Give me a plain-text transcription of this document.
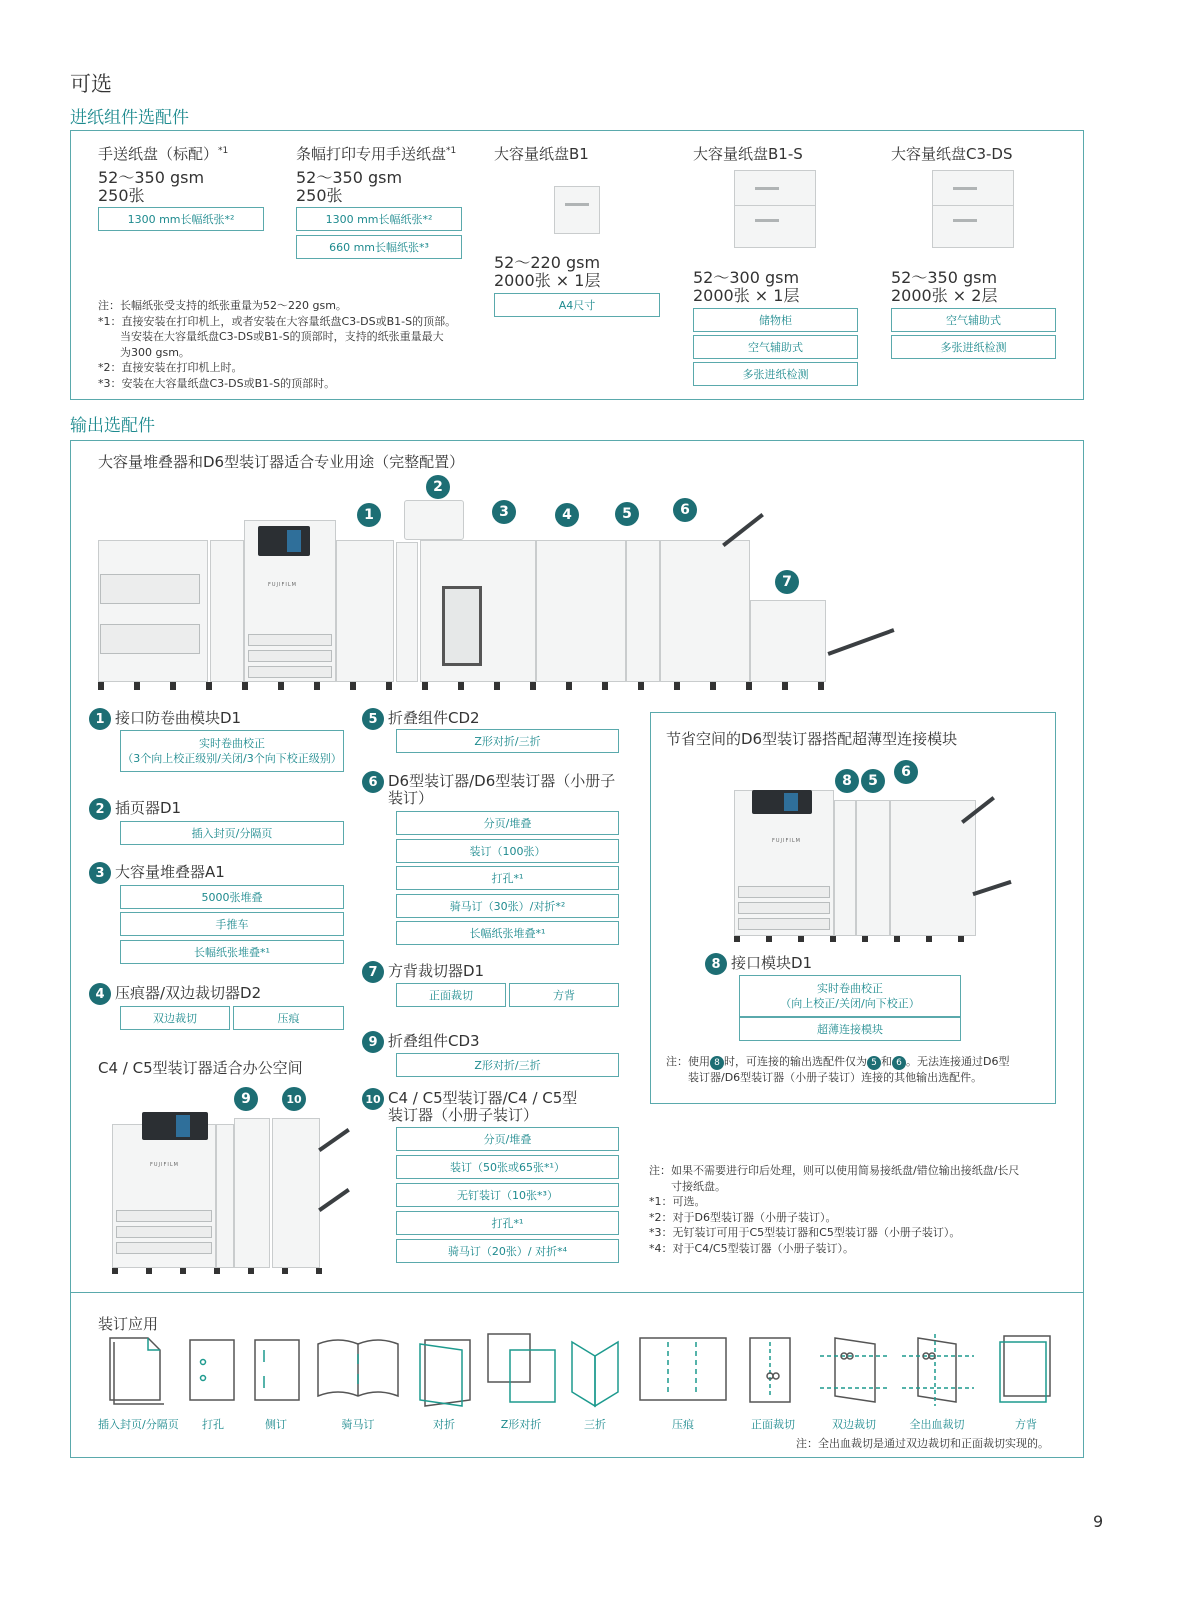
可选
进纸组件选配件
手送纸盘（标配）$^{*1}$
52～350 gsm
250张
1300 mm长幅纸张*²
条幅打印专用手送纸盘$^{*1}$
52～350 gsm
250张
1300 mm长幅纸张*²
660 mm长幅纸张*³
大容量纸盘B1
52～220 gsm
2000张 × 1层
A4尺寸
大容量纸盘B1-S
52～300 gsm
2000张 × 1层
储物柜
空气辅助式
多张进纸检测
大容量纸盘C3-DS
52～350 gsm
2000张 × 2层
空气辅助式
多张进纸检测
注：长幅纸张受支持的纸张重量为52～220 gsm。
*1：直接安装在打印机上，或者安装在大容量纸盘C3-DS或B1-S的顶部。
　　当安装在大容量纸盘C3-DS或B1-S的顶部时，支持的纸张重量最大
　　为300 gsm。
*2：直接安装在打印机上时。
*3：安装在大容量纸盘C3-DS或B1-S的顶部时。
输出选配件
大容量堆叠器和D6型装订器适合专业用途（完整配置）
FUJIFILM
1
2
3	4	5	6
7
1 接口防卷曲模块D1
实时卷曲校正
（3个向上校正级别/关闭/3个向下校正级别）
2 插页器D1
插入封页/分隔页
3 大容量堆叠器A1
5000张堆叠
手推车
长幅纸张堆叠*¹
4 压痕器/双边裁切器D2
双边裁切	压痕
C4 / C5型装订器适合办公空间
9	10
FUJIFILM
5 折叠组件CD2
Z形对折/三折
6 D6型装订器/D6型装订器（小册子
装订）
分页/堆叠
装订（100张）
打孔*¹
骑马订（30张）/对折*²
长幅纸张堆叠*¹
7 方背裁切器D1
正面裁切	方背
9 折叠组件CD3
Z形对折/三折
10 C4 / C5型装订器/C4 / C5型
装订器（小册子装订）
分页/堆叠
装订（50张或65张*¹）
无钉装订（10张*³）
打孔*¹
骑马订（20张）/ 对折*⁴
节省空间的D6型装订器搭配超薄型连接模块
8	5
6
FUJIFILM
8 接口模块D1
实时卷曲校正
（向上校正/关闭/向下校正）
超薄连接模块
注：使用 8 时，可连接的输出选配件仅为 5 和 6 。无法连接通过D6型
　　装订器/D6型装订器（小册子装订）连接的其他输出选配件。
注：如果不需要进行印后处理，则可以使用简易接纸盘/错位输出接纸盘/长尺
　　寸接纸盘。
*1：可选。
*2：对于D6型装订器（小册子装订）。
*3：无钉装订可用于C5型装订器和C5型装订器（小册子装订）。
*4：对于C4/C5型装订器（小册子装订）。
装订应用
插入封页/分隔页	打孔	侧订	骑马订	对折	Z形对折	三折	压痕	正面裁切	双边裁切	全出血裁切	方背
注：全出血裁切是通过双边裁切和正面裁切实现的。
9
